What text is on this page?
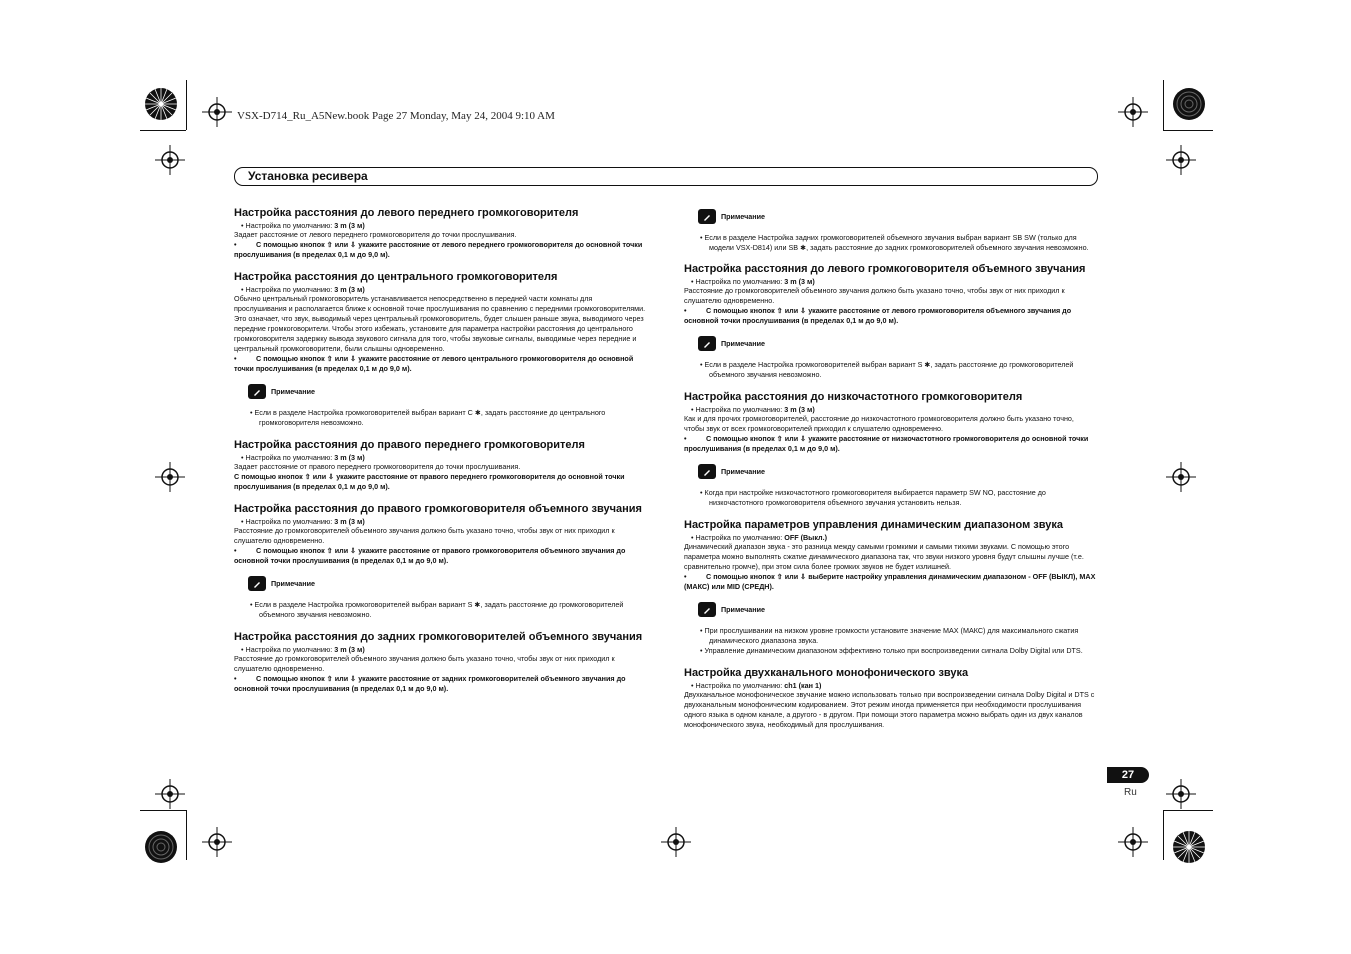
VSX-D714_Ru_A5New.book Page 27 Monday, May 24, 2004 9:10 AM
Установка ресивера
Настройка расстояния до левого переднего громкоговорителя
• Настройка по умолчанию: 3 m (3 м)
Задает расстояние от левого переднего громкоговорителя до точки прослушивания.
•	С помощью кнопок ⇧ или ⇩ укажите расстояние от левого переднего громкоговорителя до основной точки прослушивания (в пределах 0,1 м до 9,0 м).
Настройка расстояния до центрального громкоговорителя
• Настройка по умолчанию: 3 m (3 м)
Обычно центральный громкоговоритель устанавливается непосредственно в передней части комнаты для прослушивания и располагается ближе к основной точке прослушивания по сравнению с передними громкоговорителями. Это означает, что звук, выводимый через центральный громкоговоритель, будет слышен раньше звука, выводимого через передние громкоговорители. Чтобы этого избежать, установите для параметра настройки расстояния до центрального громкоговорителя задержку вывода звукового сигнала для того, чтобы звуковые сигналы, выводимые через передние и центральный громкоговорители, были слышны одновременно.
•	С помощью кнопок ⇧ или ⇩ укажите расстояние от левого центрального громкоговорителя до основной точки прослушивания (в пределах 0,1 м до 9,0 м).
Примечание
• Если в разделе Настройка громкоговорителей выбран вариант C ✱, задать расстояние до центрального громкоговорителя невозможно.
Настройка расстояния до правого переднего громкоговорителя
• Настройка по умолчанию: 3 m (3 м)
Задает расстояние от правого переднего громкоговорителя до точки прослушивания.
С помощью кнопок ⇧ или ⇩ укажите расстояние от правого переднего громкоговорителя до основной точки прослушивания (в пределах 0,1 м до 9,0 м).
Настройка расстояния до правого громкоговорителя объемного звучания
• Настройка по умолчанию: 3 m (3 м)
Расстояние до громкоговорителей объемного звучания должно быть указано точно, чтобы звук от них приходил к слушателю одновременно.
•	С помощью кнопок ⇧ или ⇩ укажите расстояние от правого громкоговорителя объемного звучания до основной точки прослушивания (в пределах 0,1 м до 9,0 м).
Примечание
• Если в разделе Настройка громкоговорителей выбран вариант S ✱, задать расстояние до громкоговорителей объемного звучания невозможно.
Настройка расстояния до задних громкоговорителей объемного звучания
• Настройка по умолчанию: 3 m (3 м)
Расстояние до громкоговорителей объемного звучания должно быть указано точно, чтобы звук от них приходил к слушателю одновременно.
•	С помощью кнопок ⇧ или ⇩ укажите расстояние от задних громкоговорителей объемного звучания до основной точки прослушивания (в пределах 0,1 м до 9,0 м).
Примечание
• Если в разделе Настройка задних громкоговорителей объемного звучания выбран вариант SB SW (только для модели VSX-D814) или SB ✱, задать расстояние до задних громкоговорителей объемного звучания невозможно.
Настройка расстояния до левого громкоговорителя объемного звучания
• Настройка по умолчанию: 3 m (3 м)
Расстояние до громкоговорителей объемного звучания должно быть указано точно, чтобы звук от них приходил к слушателю одновременно.
•	С помощью кнопок ⇧ или ⇩ укажите расстояние от левого громкоговорителя объемного звучания до основной точки прослушивания (в пределах 0,1 м до 9,0 м).
Примечание
• Если в разделе Настройка громкоговорителей выбран вариант S ✱, задать расстояние до громкоговорителей объемного звучания невозможно.
Настройка расстояния до низкочастотного громкоговорителя
• Настройка по умолчанию: 3 m (3 м)
Как и для прочих громкоговорителей, расстояние до низкочастотного громкоговорителя должно быть указано точно, чтобы звук от всех громкоговорителей приходил к слушателю одновременно.
•	С помощью кнопок ⇧ или ⇩ укажите расстояние от низкочастотного громкоговорителя до основной точки прослушивания (в пределах 0,1 м до 9,0 м).
Примечание
• Когда при настройке низкочастотного громкоговорителя выбирается параметр SW NO, расстояние до низкочастотного громкоговорителя объемного звучания установить нельзя.
Настройка параметров управления динамическим диапазоном звука
• Настройка по умолчанию: OFF (Выкл.)
Динамический диапазон звука - это разница между самыми громкими и самыми тихими звуками. С помощью этого параметра можно выполнять сжатие динамического диапазона так, что звуки низкого уровня будут слышны лучше (т.е. сравнительно громче), при этом сила более громких звуков не будет излишней.
•	С помощью кнопок ⇧ или ⇩ выберите настройку управления динамическим диапазоном - OFF (ВЫКЛ), MAX (МАКС) или MID (СРЕДН).
Примечание
• При прослушивании на низком уровне громкости установите значение MAX (МАКС) для максимального сжатия динамического диапазона звука.
• Управление динамическим диапазоном эффективно только при воспроизведении сигнала Dolby Digital или DTS.
Настройка двухканального монофонического звука
• Настройка по умолчанию: ch1 (кан 1)
Двухканальное монофоническое звучание можно использовать только при воспроизведении сигнала Dolby Digital и DTS с двухканальным монофоническим кодированием. Этот режим иногда применяется при необходимости прослушивания одного языка в одном канале, а другого - в другом. При помощи этого параметра можно выбрать один из двух каналов монофонического звука, необходимый для прослушивания.
27
Ru
